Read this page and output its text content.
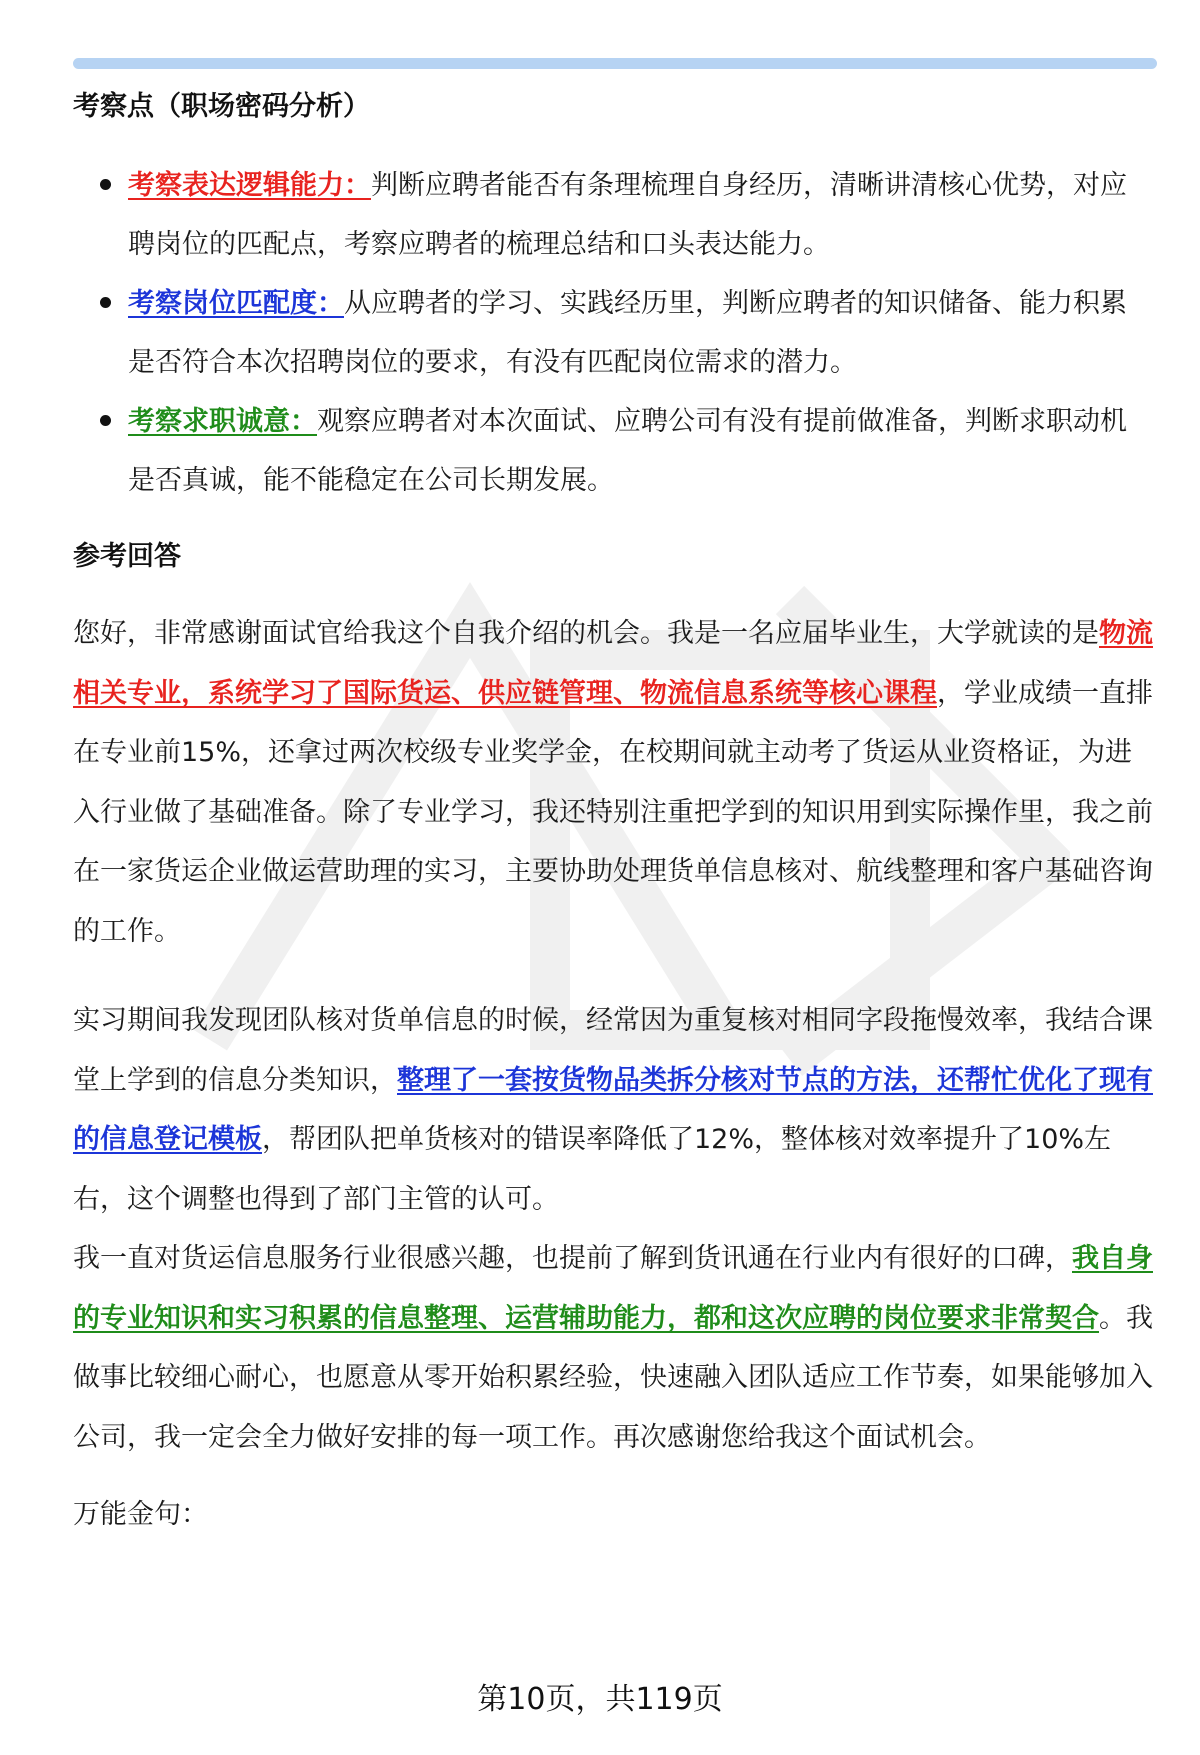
考察点（职场密码分析）
考察表达逻辑能力：判断应聘者能否有条理梳理自身经历，清晰讲清核心优势，对应聘岗位的匹配点，考察应聘者的梳理总结和口头表达能力。
考察岗位匹配度：从应聘者的学习、实践经历里，判断应聘者的知识储备、能力积累是否符合本次招聘岗位的要求，有没有匹配岗位需求的潜力。
考察求职诚意：观察应聘者对本次面试、应聘公司有没有提前做准备，判断求职动机是否真诚，能不能稳定在公司长期发展。
参考回答

您好，非常感谢面试官给我这个自我介绍的机会。我是一名应届毕业生，大学就读的是物流相关专业，系统学习了国际货运、供应链管理、物流信息系统等核心课程，学业成绩一直排在专业前15%，还拿过两次校级专业奖学金，在校期间就主动考了货运从业资格证，为进入行业做了基础准备。除了专业学习，我还特别注重把学到的知识用到实际操作里，我之前在一家货运企业做运营助理的实习，主要协助处理货单信息核对、航线整理和客户基础咨询的工作。

实习期间我发现团队核对货单信息的时候，经常因为重复核对相同字段拖慢效率，我结合课堂上学到的信息分类知识，整理了一套按货物品类拆分核对节点的方法，还帮忙优化了现有的信息登记模板，帮团队把单货核对的错误率降低了12%，整体核对效率提升了10%左右，这个调整也得到了部门主管的认可。

我一直对货运信息服务行业很感兴趣，也提前了解到货讯通在行业内有很好的口碑，我自身的专业知识和实习积累的信息整理、运营辅助能力，都和这次应聘的岗位要求非常契合。我做事比较细心耐心，也愿意从零开始积累经验，快速融入团队适应工作节奏，如果能够加入公司，我一定会全力做好安排的每一项工作。再次感谢您给我这个面试机会。

万能金句：

第10页，共119页
